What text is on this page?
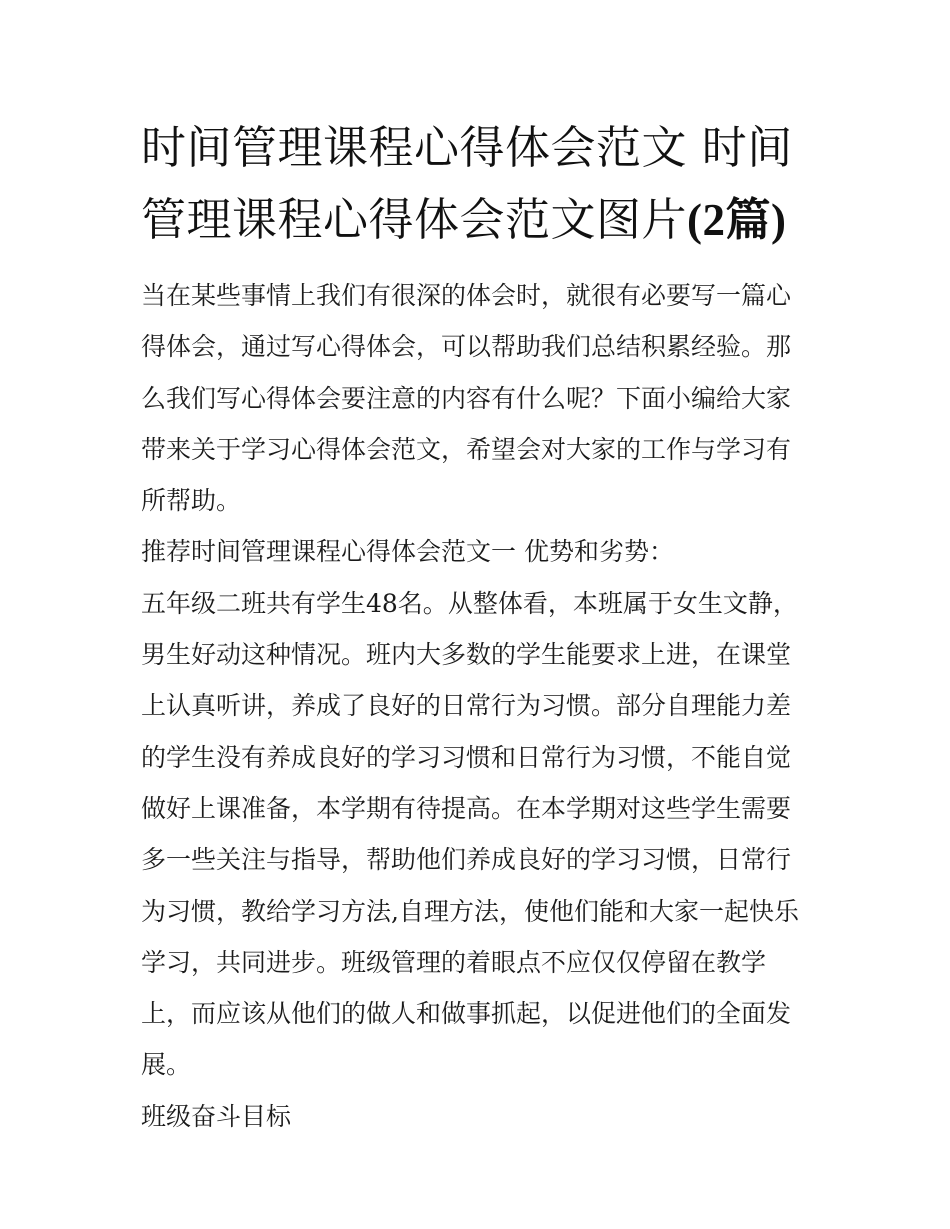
时间管理课程心得体会范文 时间管理课程心得体会范文图片(2篇)
当在某些事情上我们有很深的体会时，就很有必要写一篇心得体会，通过写心得体会，可以帮助我们总结积累经验。那么我们写心得体会要注意的内容有什么呢？下面小编给大家带来关于学习心得体会范文，希望会对大家的工作与学习有所帮助。
推荐时间管理课程心得体会范文一 优势和劣势：
五年级二班共有学生48名。从整体看，本班属于女生文静，
男生好动这种情况。班内大多数的学生能要求上进，在课堂上认真听讲，养成了良好的日常行为习惯。部分自理能力差的学生没有养成良好的学习习惯和日常行为习惯，不能自觉做好上课准备，本学期有待提高。在本学期对这些学生需要多一些关注与指导，帮助他们养成良好的学习习惯，日常行为习惯，教给学习方法,自理方法，使他们能和大家一起快乐学习，共同进步。班级管理的着眼点不应仅仅停留在教学上，而应该从他们的做人和做事抓起，以促进他们的全面发展。
班级奋斗目标
